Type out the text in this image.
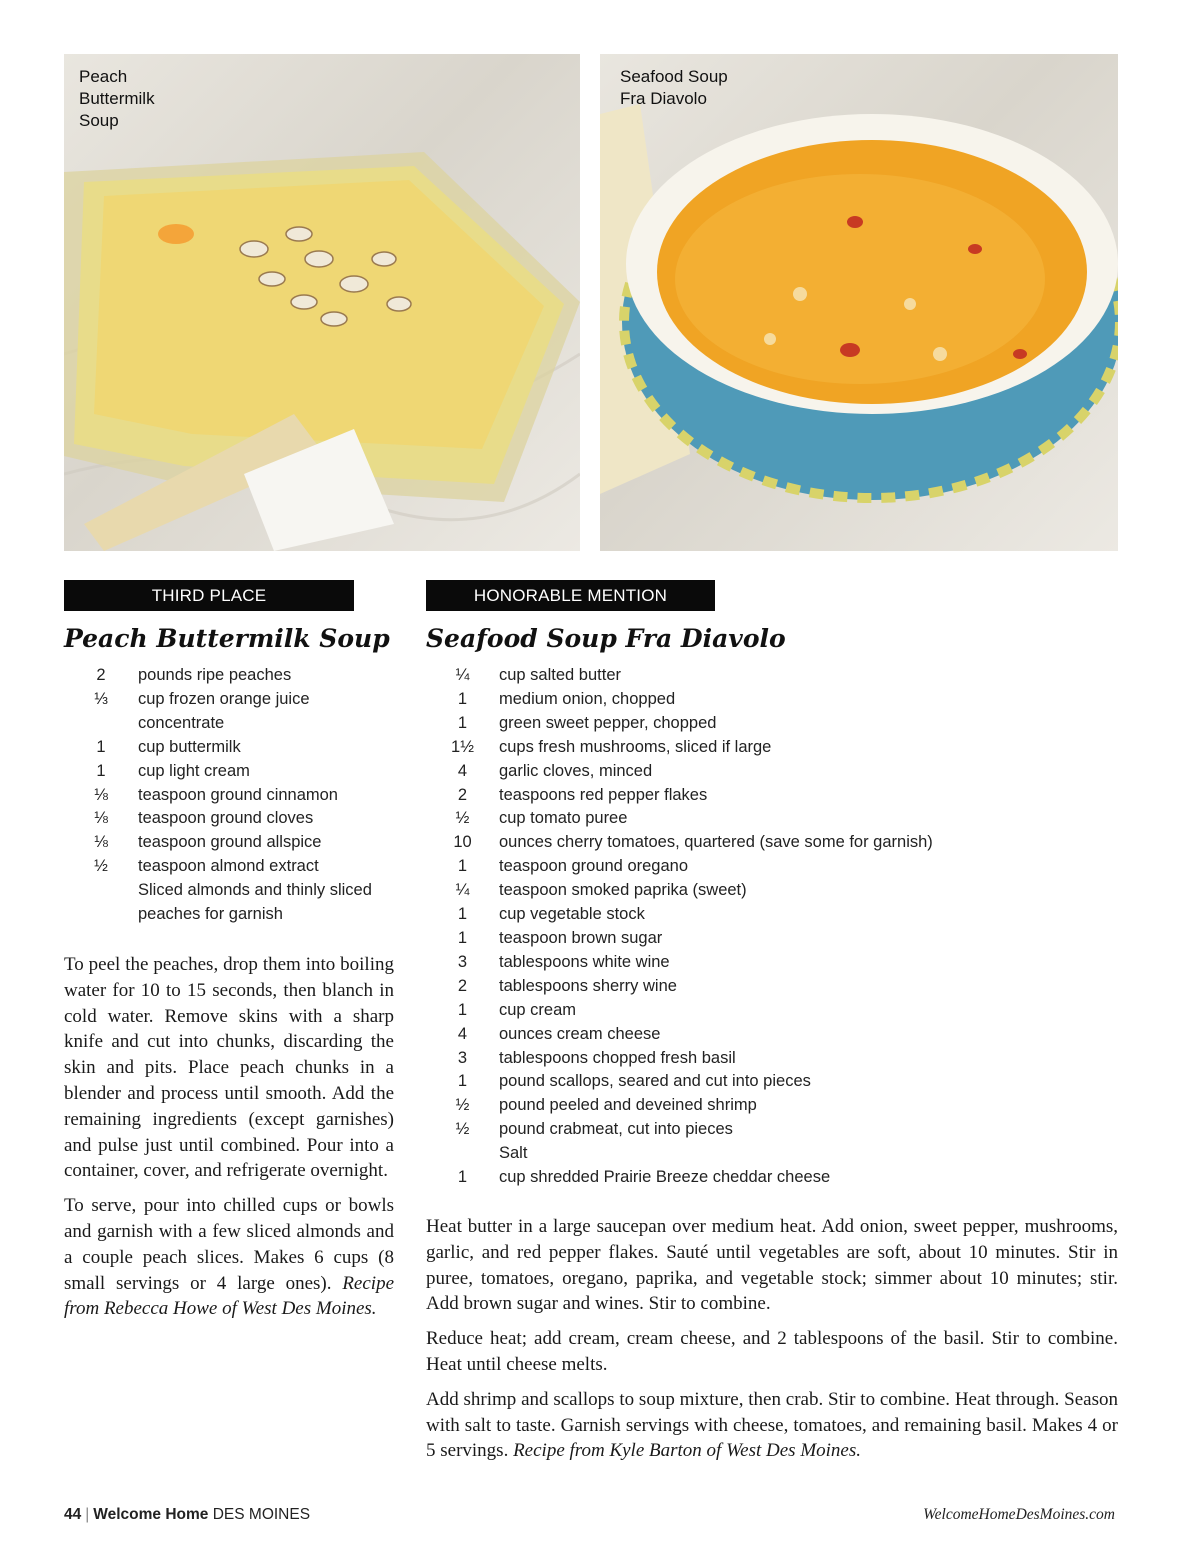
Peach
Buttermilk
Soup
Seafood Soup
Fra Diavolo
THIRD PLACE
Peach Buttermilk Soup
2	pounds ripe peaches
⅓	cup frozen orange juice
concentrate
1	cup buttermilk
1	cup light cream
⅛	teaspoon ground cinnamon
⅛	teaspoon ground cloves
⅛	teaspoon ground allspice
½	teaspoon almond extract
Sliced almonds and thinly sliced
peaches for garnish

To peel the peaches, drop them into boiling water for 10 to 15 seconds, then blanch in cold water. Remove skins with a sharp knife and cut into chunks, discarding the skin and pits. Place peach chunks in a blender and process until smooth. Add the remaining ingredients (except garnishes) and pulse just until combined. Pour into a container, cover, and refrigerate overnight.

To serve, pour into chilled cups or bowls and garnish with a few sliced almonds and a couple peach slices. Makes 6 cups (8 small servings or 4 large ones). Recipe from Rebecca Howe of West Des Moines.

HONORABLE MENTION
Seafood Soup Fra Diavolo
¼	cup salted butter
1	medium onion, chopped
1	green sweet pepper, chopped
1½	cups fresh mushrooms, sliced if large
4	garlic cloves, minced
2	teaspoons red pepper flakes
½	cup tomato puree
10	ounces cherry tomatoes, quartered (save some for garnish)
1	teaspoon ground oregano
¼	teaspoon smoked paprika (sweet)
1	cup vegetable stock
1	teaspoon brown sugar
3	tablespoons white wine
2	tablespoons sherry wine
1	cup cream
4	ounces cream cheese
3	tablespoons chopped fresh basil
1	pound scallops, seared and cut into pieces
½	pound peeled and deveined shrimp
½	pound crabmeat, cut into pieces
Salt
1	cup shredded Prairie Breeze cheddar cheese

Heat butter in a large saucepan over medium heat. Add onion, sweet pepper, mushrooms, garlic, and red pepper flakes. Sauté until vegetables are soft, about 10 minutes. Stir in puree, tomatoes, oregano, paprika, and vegetable stock; simmer about 10 minutes; stir. Add brown sugar and wines. Stir to combine.

Reduce heat; add cream, cream cheese, and 2 tablespoons of the basil. Stir to combine. Heat until cheese melts.

Add shrimp and scallops to soup mixture, then crab. Stir to combine. Heat through. Season with salt to taste. Garnish servings with cheese, tomatoes, and remaining basil. Makes 4 or 5 servings. Recipe from Kyle Barton of West Des Moines.

44 | Welcome Home DES MOINES	WelcomeHomeDesMoines.com
